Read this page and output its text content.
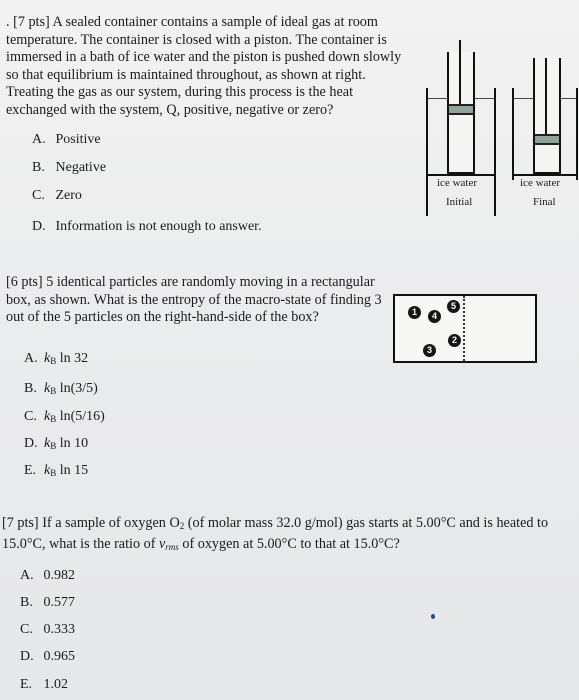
. [7 pts] A sealed container contains a sample of ideal gas at room temperature. The container is closed with a piston. The container is immersed in a bath of ice water and the piston is pushed down slowly so that equilibrium is maintained throughout, as shown at right. Treating the gas as our system, during this process is the heat exchanged with the system, Q, positive, negative or zero?
A. Positive
B. Negative
C. Zero
D. Information is not enough to answer.
ice water
Initial
ice water
Final
[6 pts] 5 identical particles are randomly moving in a rectangular box, as shown. What is the entropy of the macro-state of finding 3 out of the 5 particles on the right-hand-side of the box?
A. $k_B$ ln 32
B. $k_B$ ln(3/5)
C. $k_B$ ln(5/16)
D. $k_B$ ln 10
E. $k_B$ ln 15
1	4
5
2
3
[7 pts] If a sample of oxygen $O_2$ (of molar mass 32.0 g/mol) gas starts at 5.00°C and is heated to 15.0°C, what is the ratio of $v_{rms}$ of oxygen at 5.00°C to that at 15.0°C?
A. 0.982
B. 0.577
C. 0.333
D. 0.965
E. 1.02
